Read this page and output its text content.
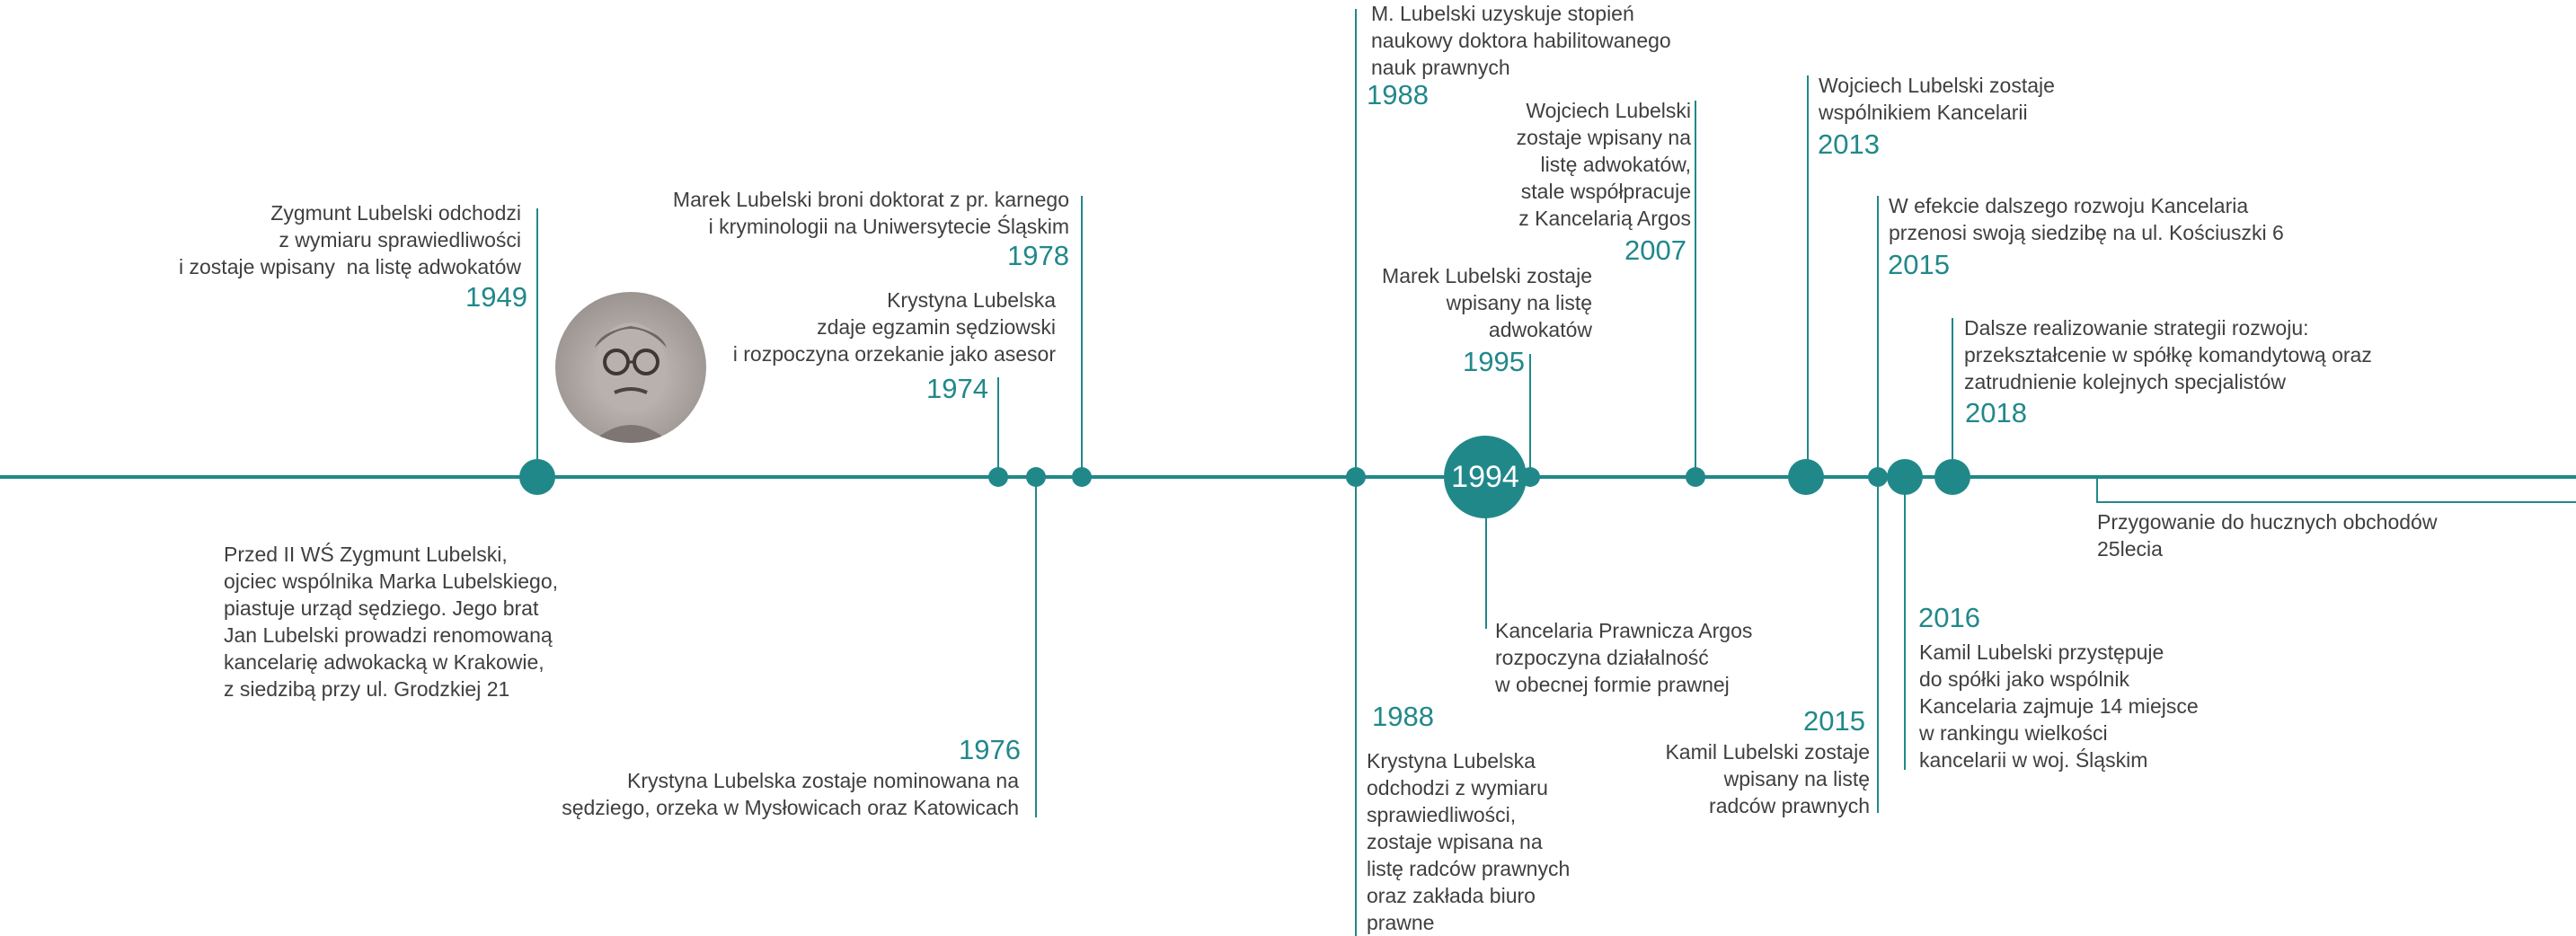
1994
1949
Zygmunt Lubelski odchodzi
z wymiaru sprawiedliwości
i zostaje wpisany  na listę adwokatów
Marek Lubelski broni doktorat z pr. karnego
i kryminologii na Uniwersytecie Śląskim
1978
Krystyna Lubelska
zdaje egzamin sędziowski
i rozpoczyna orzekanie jako asesor
1974
M. Lubelski uzyskuje stopień
naukowy doktora habilitowanego
nauk prawnych
1988	Wojciech Lubelski
zostaje wpisany na
listę adwokatów,
stale współpracuje
z Kancelarią Argos
2007
Marek Lubelski zostaje
wpisany na listę
adwokatów
1995
Wojciech Lubelski zostaje
wspólnikiem Kancelarii
2013
W efekcie dalszego rozwoju Kancelaria
przenosi swoją siedzibę na ul. Kościuszki 6
2015
Dalsze realizowanie strategii rozwoju:
przekształcenie w spółkę komandytową oraz
zatrudnienie kolejnych specjalistów
2018
Przed II WŚ Zygmunt Lubelski,
ojciec wspólnika Marka Lubelskiego,
piastuje urząd sędziego. Jego brat
Jan Lubelski prowadzi renomowaną
kancelarię adwokacką w Krakowie,
z siedzibą przy ul. Grodzkiej 21
1976
Krystyna Lubelska zostaje nominowana na
sędziego, orzeka w Mysłowicach oraz Katowicach
1988
Krystyna Lubelska
odchodzi z wymiaru
sprawiedliwości,
zostaje wpisana na
listę radców prawnych
oraz zakłada biuro
prawne
Kancelaria Prawnicza Argos
rozpoczyna działalność
w obecnej formie prawnej
2015
Kamil Lubelski zostaje
wpisany na listę
radców prawnych
2016
Kamil Lubelski przystępuje
do spółki jako wspólnik
Kancelaria zajmuje 14 miejsce
w rankingu wielkości
kancelarii w woj. Śląskim
Przygowanie do hucznych obchodów
25lecia
